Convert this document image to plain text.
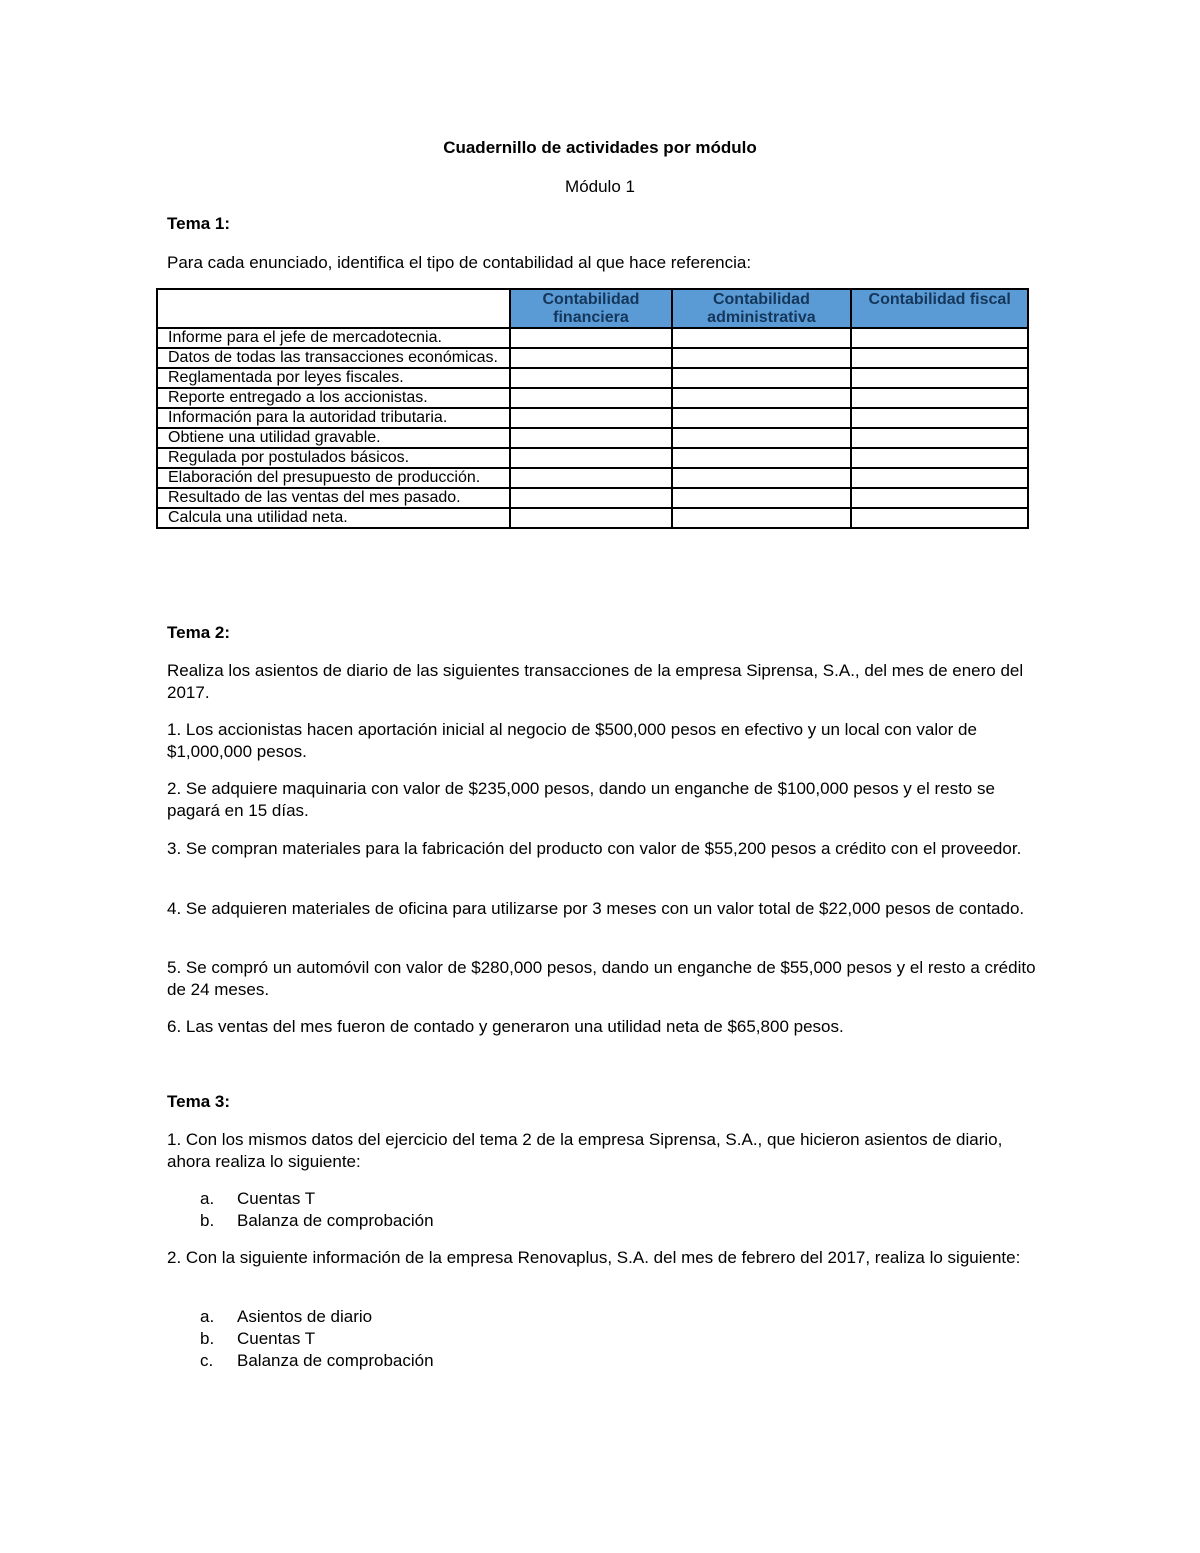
Cuadernillo de actividades por módulo
Módulo 1
Tema 1:
Para cada enunciado, identifica el tipo de contabilidad al que hace referencia:
	Contabilidad financiera	Contabilidad administrativa	Contabilidad fiscal
Informe para el jefe de mercadotecnia.			
Datos de todas las transacciones económicas.			
Reglamentada por leyes fiscales.			
Reporte entregado a los accionistas.			
Información para la autoridad tributaria.			
Obtiene una utilidad gravable.			
Regulada por postulados básicos.			
Elaboración del presupuesto de producción.			
Resultado de las ventas del mes pasado.			
Calcula una utilidad neta.			
Tema 2:
Realiza los asientos de diario de las siguientes transacciones de la empresa Siprensa, S.A., del mes de enero del 2017.
1. Los accionistas hacen aportación inicial al negocio de $500,000 pesos en efectivo y un local con valor de $1,000,000 pesos.
2. Se adquiere maquinaria con valor de $235,000 pesos, dando un enganche de $100,000 pesos y el resto se pagará en 15 días.
3. Se compran materiales para la fabricación del producto con valor de $55,200 pesos a crédito con el proveedor.
4. Se adquieren materiales de oficina para utilizarse por 3 meses con un valor total de $22,000 pesos de contado.
5. Se compró un automóvil con valor de $280,000 pesos, dando un enganche de $55,000 pesos y el resto a crédito de 24 meses.
6. Las ventas del mes fueron de contado y generaron una utilidad neta de $65,800 pesos.
Tema 3:
1. Con los mismos datos del ejercicio del tema 2 de la empresa Siprensa, S.A., que hicieron asientos de diario, ahora realiza lo siguiente:
a.	Cuentas T
b.	Balanza de comprobación
2. Con la siguiente información de la empresa Renovaplus, S.A. del mes de febrero del 2017, realiza lo siguiente:
a.	Asientos de diario
b.	Cuentas T
c.	Balanza de comprobación
